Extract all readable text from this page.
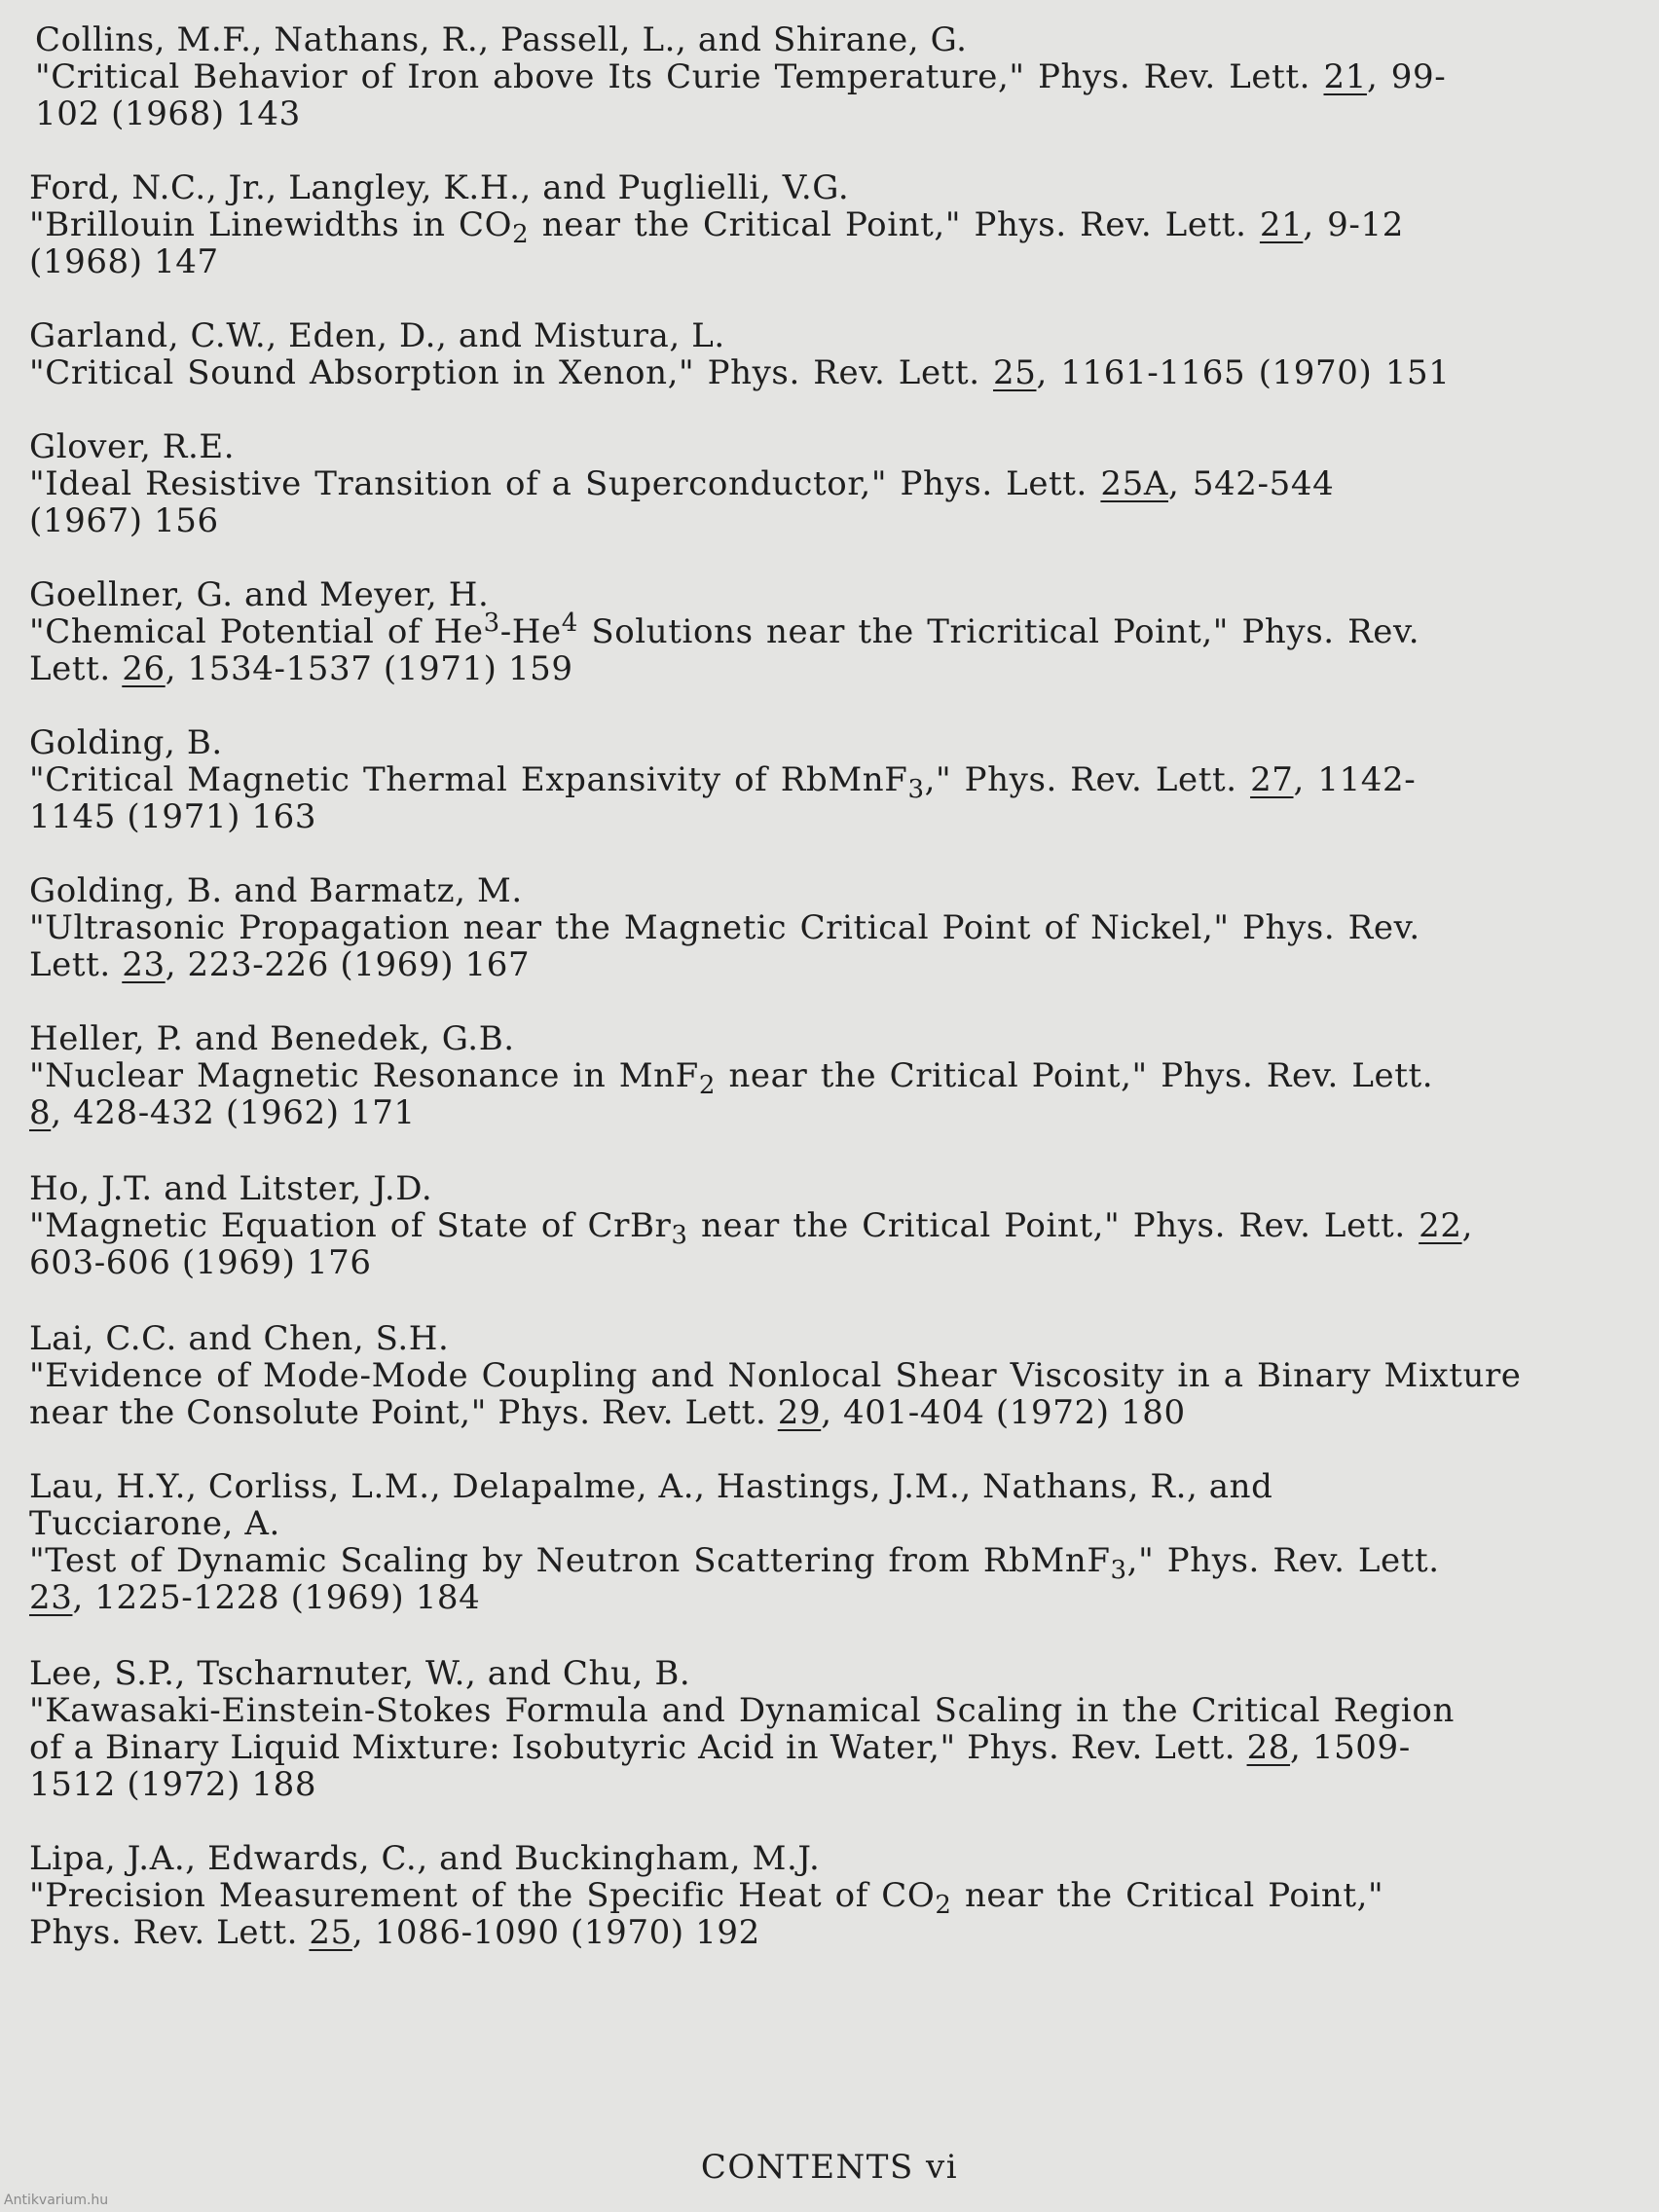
Collins, M.F., Nathans, R., Passell, L., and Shirane, G.
"Critical Behavior of Iron above Its Curie Temperature," Phys. Rev. Lett. 21, 99-
102 (1968) 143
Ford, N.C., Jr., Langley, K.H., and Puglielli, V.G.
"Brillouin Linewidths in $CO_2$ near the Critical Point," Phys. Rev. Lett. 21, 9-12
(1968) 147
Garland, C.W., Eden, D., and Mistura, L.
"Critical Sound Absorption in Xenon," Phys. Rev. Lett. 25, 1161-1165 (1970) 151
Glover, R.E.
"Ideal Resistive Transition of a Superconductor," Phys. Lett. 25A, 542-544
(1967) 156
Goellner, G. and Meyer, H.
"Chemical Potential of He$^3$-He$^4$ Solutions near the Tricritical Point," Phys. Rev.
Lett. 26, 1534-1537 (1971) 159
Golding, B.
"Critical Magnetic Thermal Expansivity of RbMnF$_3$," Phys. Rev. Lett. 27, 1142-
1145 (1971) 163
Golding, B. and Barmatz, M.
"Ultrasonic Propagation near the Magnetic Critical Point of Nickel," Phys. Rev.
Lett. 23, 223-226 (1969) 167
Heller, P. and Benedek, G.B.
"Nuclear Magnetic Resonance in MnF$_2$ near the Critical Point," Phys. Rev. Lett.
8, 428-432 (1962) 171
Ho, J.T. and Litster, J.D.
"Magnetic Equation of State of CrBr$_3$ near the Critical Point," Phys. Rev. Lett. 22,
603-606 (1969) 176
Lai, C.C. and Chen, S.H.
"Evidence of Mode-Mode Coupling and Nonlocal Shear Viscosity in a Binary Mixture
near the Consolute Point," Phys. Rev. Lett. 29, 401-404 (1972) 180
Lau, H.Y., Corliss, L.M., Delapalme, A., Hastings, J.M., Nathans, R., and
Tucciarone, A.
"Test of Dynamic Scaling by Neutron Scattering from RbMnF$_3$," Phys. Rev. Lett.
23, 1225-1228 (1969) 184
Lee, S.P., Tscharnuter, W., and Chu, B.
"Kawasaki-Einstein-Stokes Formula and Dynamical Scaling in the Critical Region
of a Binary Liquid Mixture: Isobutyric Acid in Water," Phys. Rev. Lett. 28, 1509-
1512 (1972) 188
Lipa, J.A., Edwards, C., and Buckingham, M.J.
"Precision Measurement of the Specific Heat of $CO_2$ near the Critical Point,"
Phys. Rev. Lett. 25, 1086-1090 (1970) 192
CONTENTS vi
Antikvarium.hu
